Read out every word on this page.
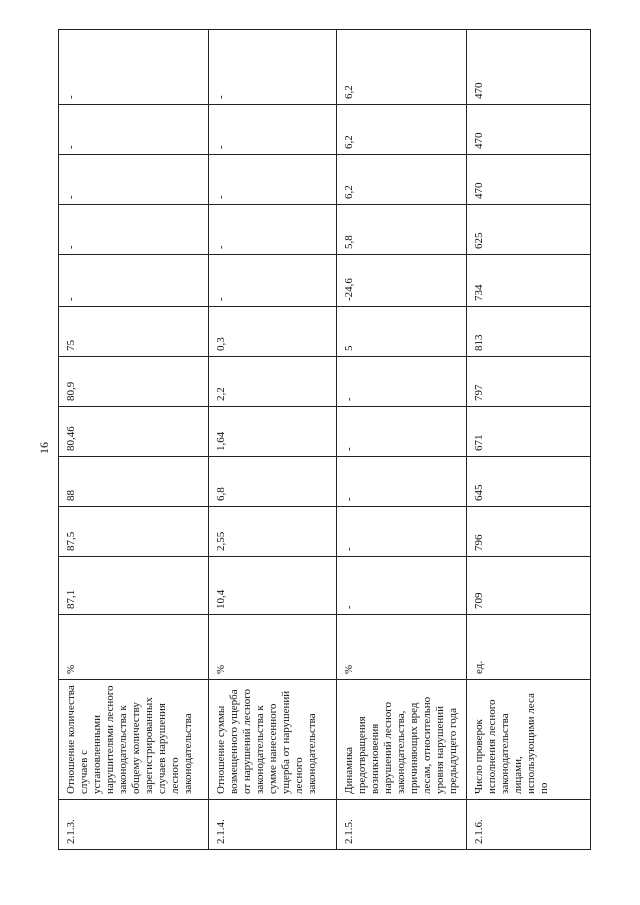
16
2.1.3.	Отношение количества случаев с установленными нарушителями лесного законодательства к общему количеству зарегистрированных случаев нарушения лесного законодательства	%	87,1	87,5	88	80,46	80,9	75	-	-	-	-	-
2.1.4.	Отношение суммы возмещенного ущерба от нарушений лесного законодательства к сумме нанесенного ущерба от нарушений лесного законодательства	%	10,4	2,55	6,8	1,64	2,2	0,3	-	-	-	-	-
2.1.5.	Динамика предотвращения возникновения нарушений лесного законодательства, причиняющих вред лесам, относительно уровня нарушений предыдущего года	%	-	-	-	-	-	5	-24,6	5,8	6,2	6,2	6,2
2.1.6.	Число проверок исполнения лесного законодательства лицами, использующими леса по	ед.	709	796	645	671	797	813	734	625	470	470	470
